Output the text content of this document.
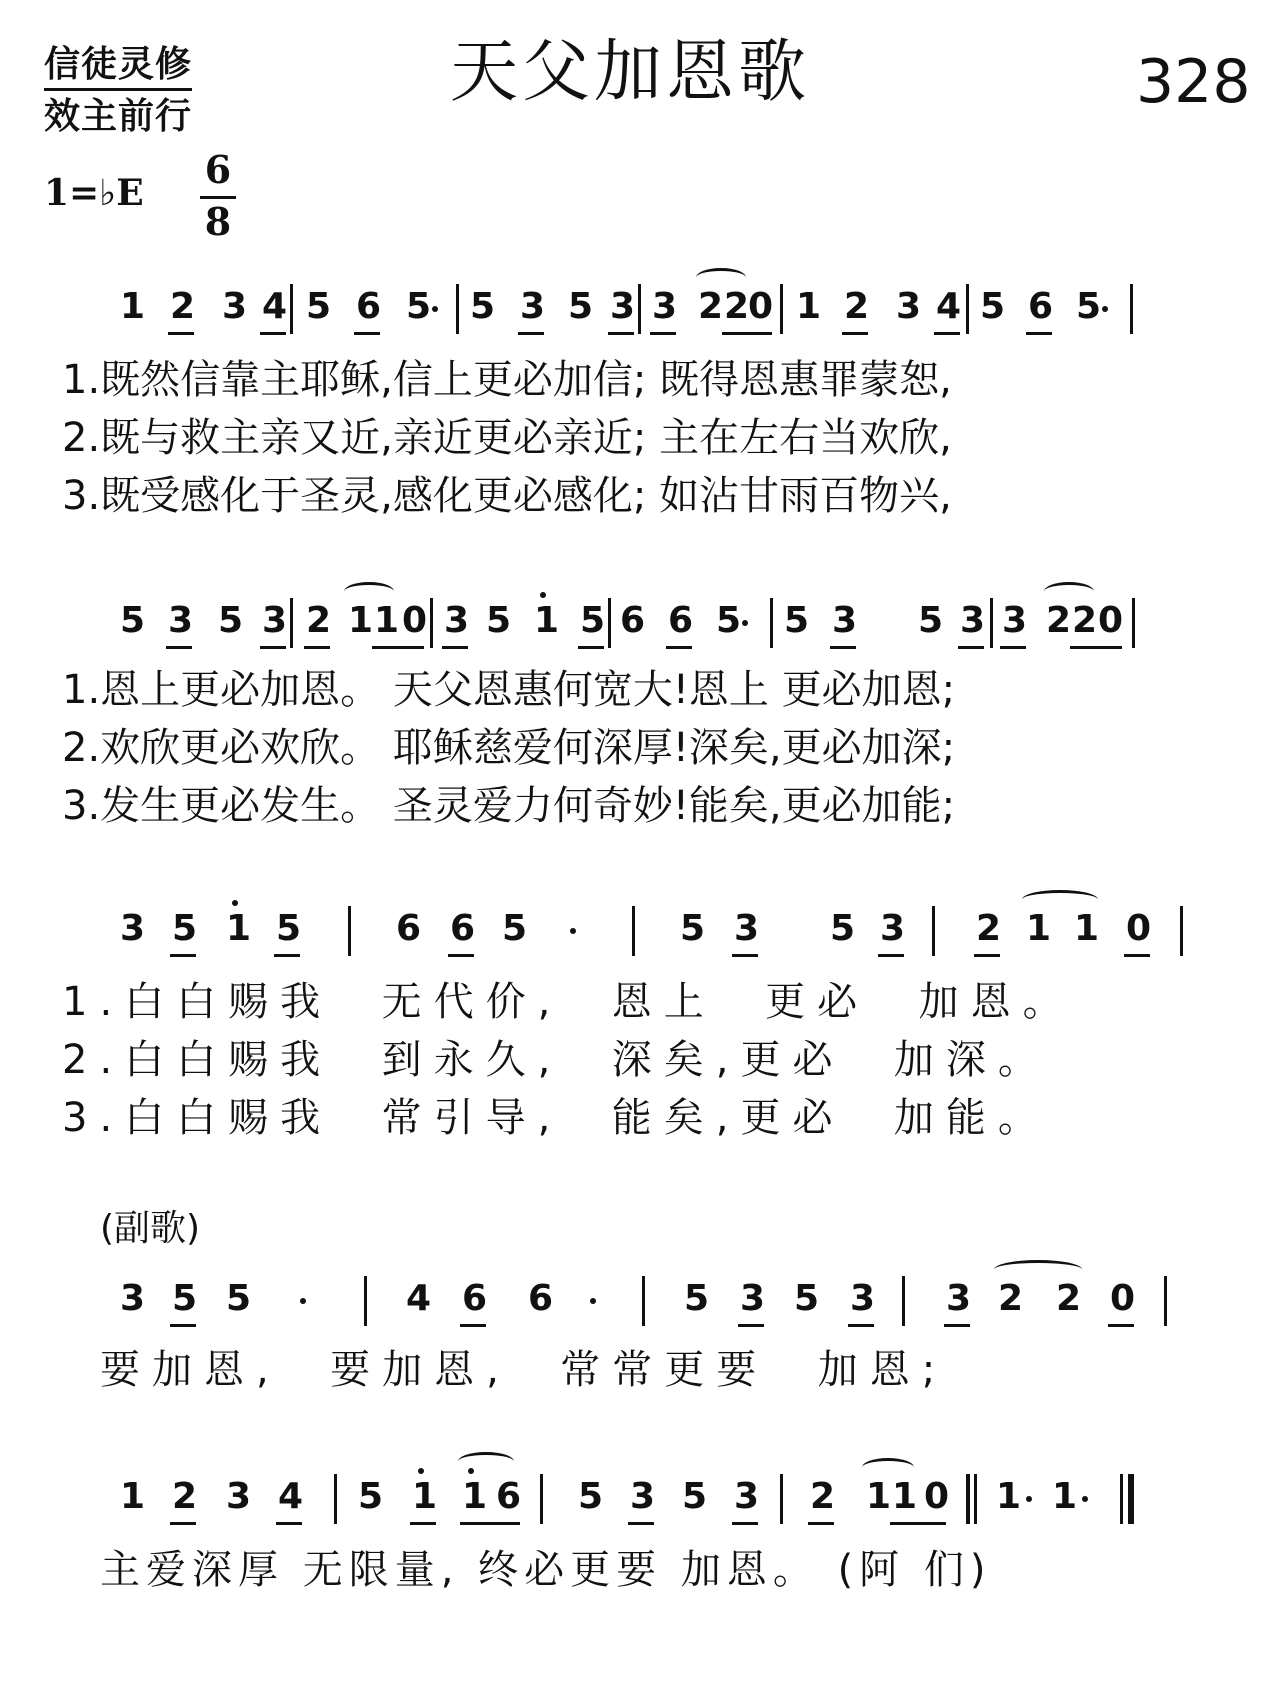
信徒灵修
效主前行
天父加恩歌	328
1=♭E
6
8
1 2 3 4 5 6 5 5 3 5 3 3 2 2
0 1 2 3 4 5 6 5
1.既然信靠主耶稣,信上更必加信; 既得恩惠罪蒙恕,
2.既与救主亲又近,亲近更必亲近; 主在左右当欢欣,
3.既受感化于圣灵,感化更必感化; 如沾甘雨百物兴,
5 3 5 3 2 1 1 0 3 5 1 5 6 6 5 5 3 5 3 3 2 2 0
1.恩上更必加恩。 天父恩惠何宽大!恩上 更必加恩;
2.欢欣更必欢欣。 耶稣慈爱何深厚!深矣,更必加深;
3.发生更必发生。 圣灵爱力何奇妙!能矣,更必加能;
3 5 1 5	6 6 5	5 3 5 3 2 1 1 0
1.白白赐我  无代价,  恩上  更必  加恩。
2.白白赐我  到永久,  深矣,更必  加深。
3.白白赐我  常引导,  能矣,更必  加能。
(副歌)
3 5 5	4 6 6	5 3 5 3 3 2 2 0
要加恩,  要加恩,  常常更要  加恩;
1 2 3 4 5 1 1 6 5 3 5 3 2 1 1 0 1 1
主爱深厚 无限量, 终必更要 加恩。 (阿 们)
